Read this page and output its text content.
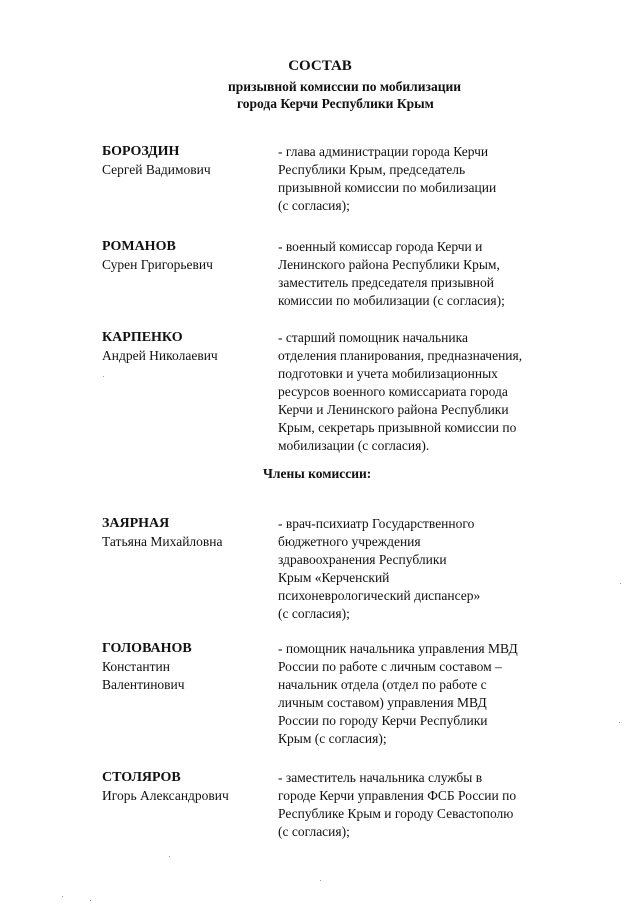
СОСТАВ
призывной комиссии по мобилизации
города Керчи Республики Крым
БОРОЗДИН
Сергей Вадимович
- глава администрации города Керчи
Республики Крым, председатель
призывной комиссии по мобилизации
(с согласия);
РОМАНОВ
Сурен Григорьевич
- военный комиссар города Керчи и
Ленинского района Республики Крым,
заместитель председателя призывной
комиссии по мобилизации (с согласия);
КАРПЕНКО
Андрей Николаевич
- старший помощник начальника
отделения планирования, предназначения,
подготовки и учета мобилизационных
ресурсов военного комиссариата города
Керчи и Ленинского района Республики
Крым, секретарь призывной комиссии по
мобилизации (с согласия).
Члены комиссии:
ЗАЯРНАЯ
Татьяна Михайловна
- врач-психиатр Государственного
бюджетного учреждения
здравоохранения Республики
Крым «Керченский
психоневрологический диспансер»
(с согласия);
ГОЛОВАНОВ
Константин
Валентинович
- помощник начальника управления МВД
России по работе с личным составом –
начальник отдела (отдел по работе с
личным составом) управления МВД
России по городу Керчи Республики
Крым (с согласия);
СТОЛЯРОВ
Игорь Александрович
- заместитель начальника службы в
городе Керчи управления ФСБ России по
Республике Крым и городу Севастополю
(с согласия);
